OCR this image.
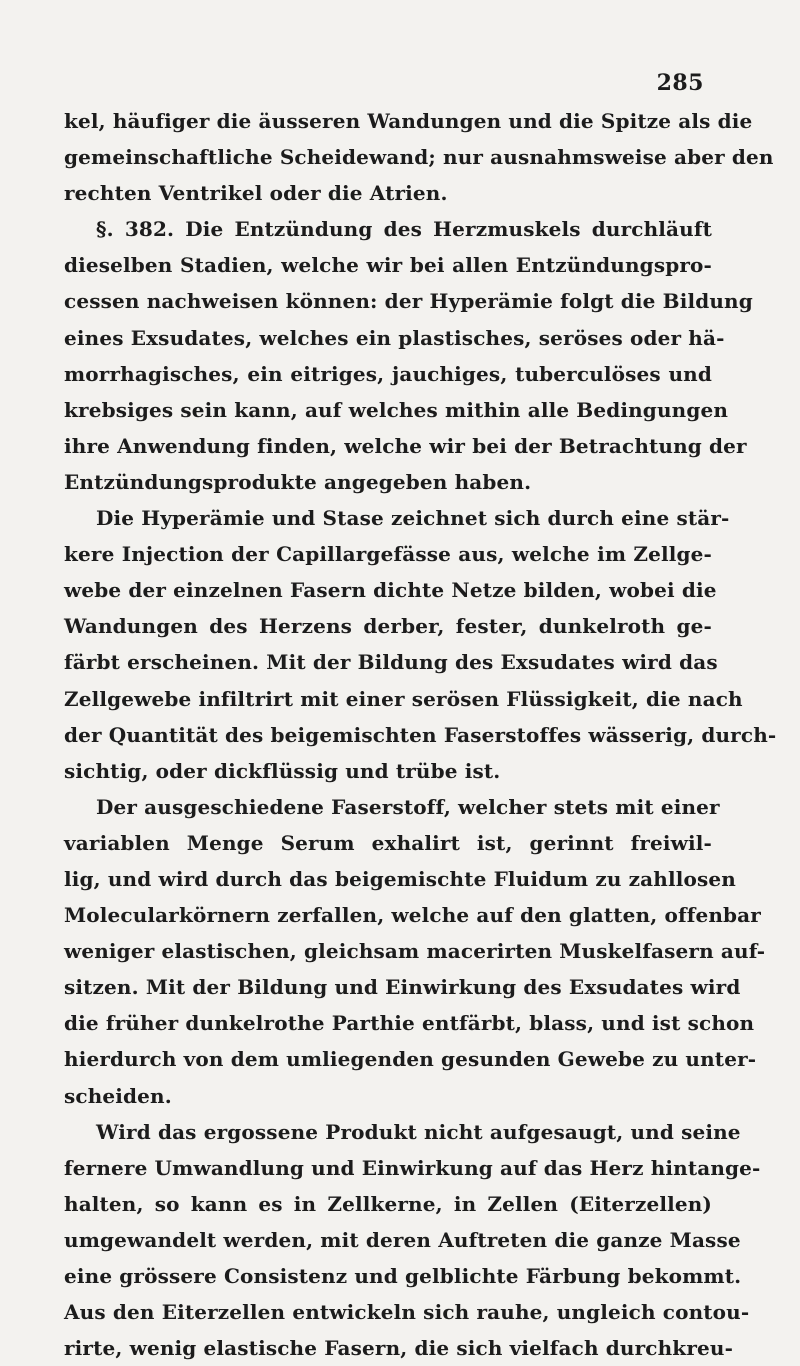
285
kel, häufiger die äusseren Wandungen und die Spitze als die
gemeinschaftliche Scheidewand; nur ausnahmsweise aber den
rechten Ventrikel oder die Atrien.
§. 382. Die Entzündung des Herzmuskels durchläuft
dieselben Stadien, welche wir bei allen Entzündungspro-
cessen nachweisen können: der Hyperämie folgt die Bildung
eines Exsudates, welches ein plastisches, seröses oder hä-
morrhagisches, ein eitriges, jauchiges, tuberculöses und
krebsiges sein kann, auf welches mithin alle Bedingungen
ihre Anwendung finden, welche wir bei der Betrachtung der
Entzündungsprodukte angegeben haben.
Die Hyperämie und Stase zeichnet sich durch eine stär-
kere Injection der Capillargefässe aus, welche im Zellge-
webe der einzelnen Fasern dichte Netze bilden, wobei die
Wandungen des Herzens derber, fester, dunkelroth ge-
färbt erscheinen. Mit der Bildung des Exsudates wird das
Zellgewebe infiltrirt mit einer serösen Flüssigkeit, die nach
der Quantität des beigemischten Faserstoffes wässerig, durch-
sichtig, oder dickflüssig und trübe ist.
Der ausgeschiedene Faserstoff, welcher stets mit einer
variablen Menge Serum exhalirt ist, gerinnt freiwil-
lig, und wird durch das beigemischte Fluidum zu zahllosen
Molecularkörnern zerfallen, welche auf den glatten, offenbar
weniger elastischen, gleichsam macerirten Muskelfasern auf-
sitzen. Mit der Bildung und Einwirkung des Exsudates wird
die früher dunkelrothe Parthie entfärbt, blass, und ist schon
hierdurch von dem umliegenden gesunden Gewebe zu unter-
scheiden.
Wird das ergossene Produkt nicht aufgesaugt, und seine
fernere Umwandlung und Einwirkung auf das Herz hintange-
halten, so kann es in Zellkerne, in Zellen (Eiterzellen)
umgewandelt werden, mit deren Auftreten die ganze Masse
eine grössere Consistenz und gelblichte Färbung bekommt.
Aus den Eiterzellen entwickeln sich rauhe, ungleich contou-
rirte, wenig elastische Fasern, die sich vielfach durchkreu-
